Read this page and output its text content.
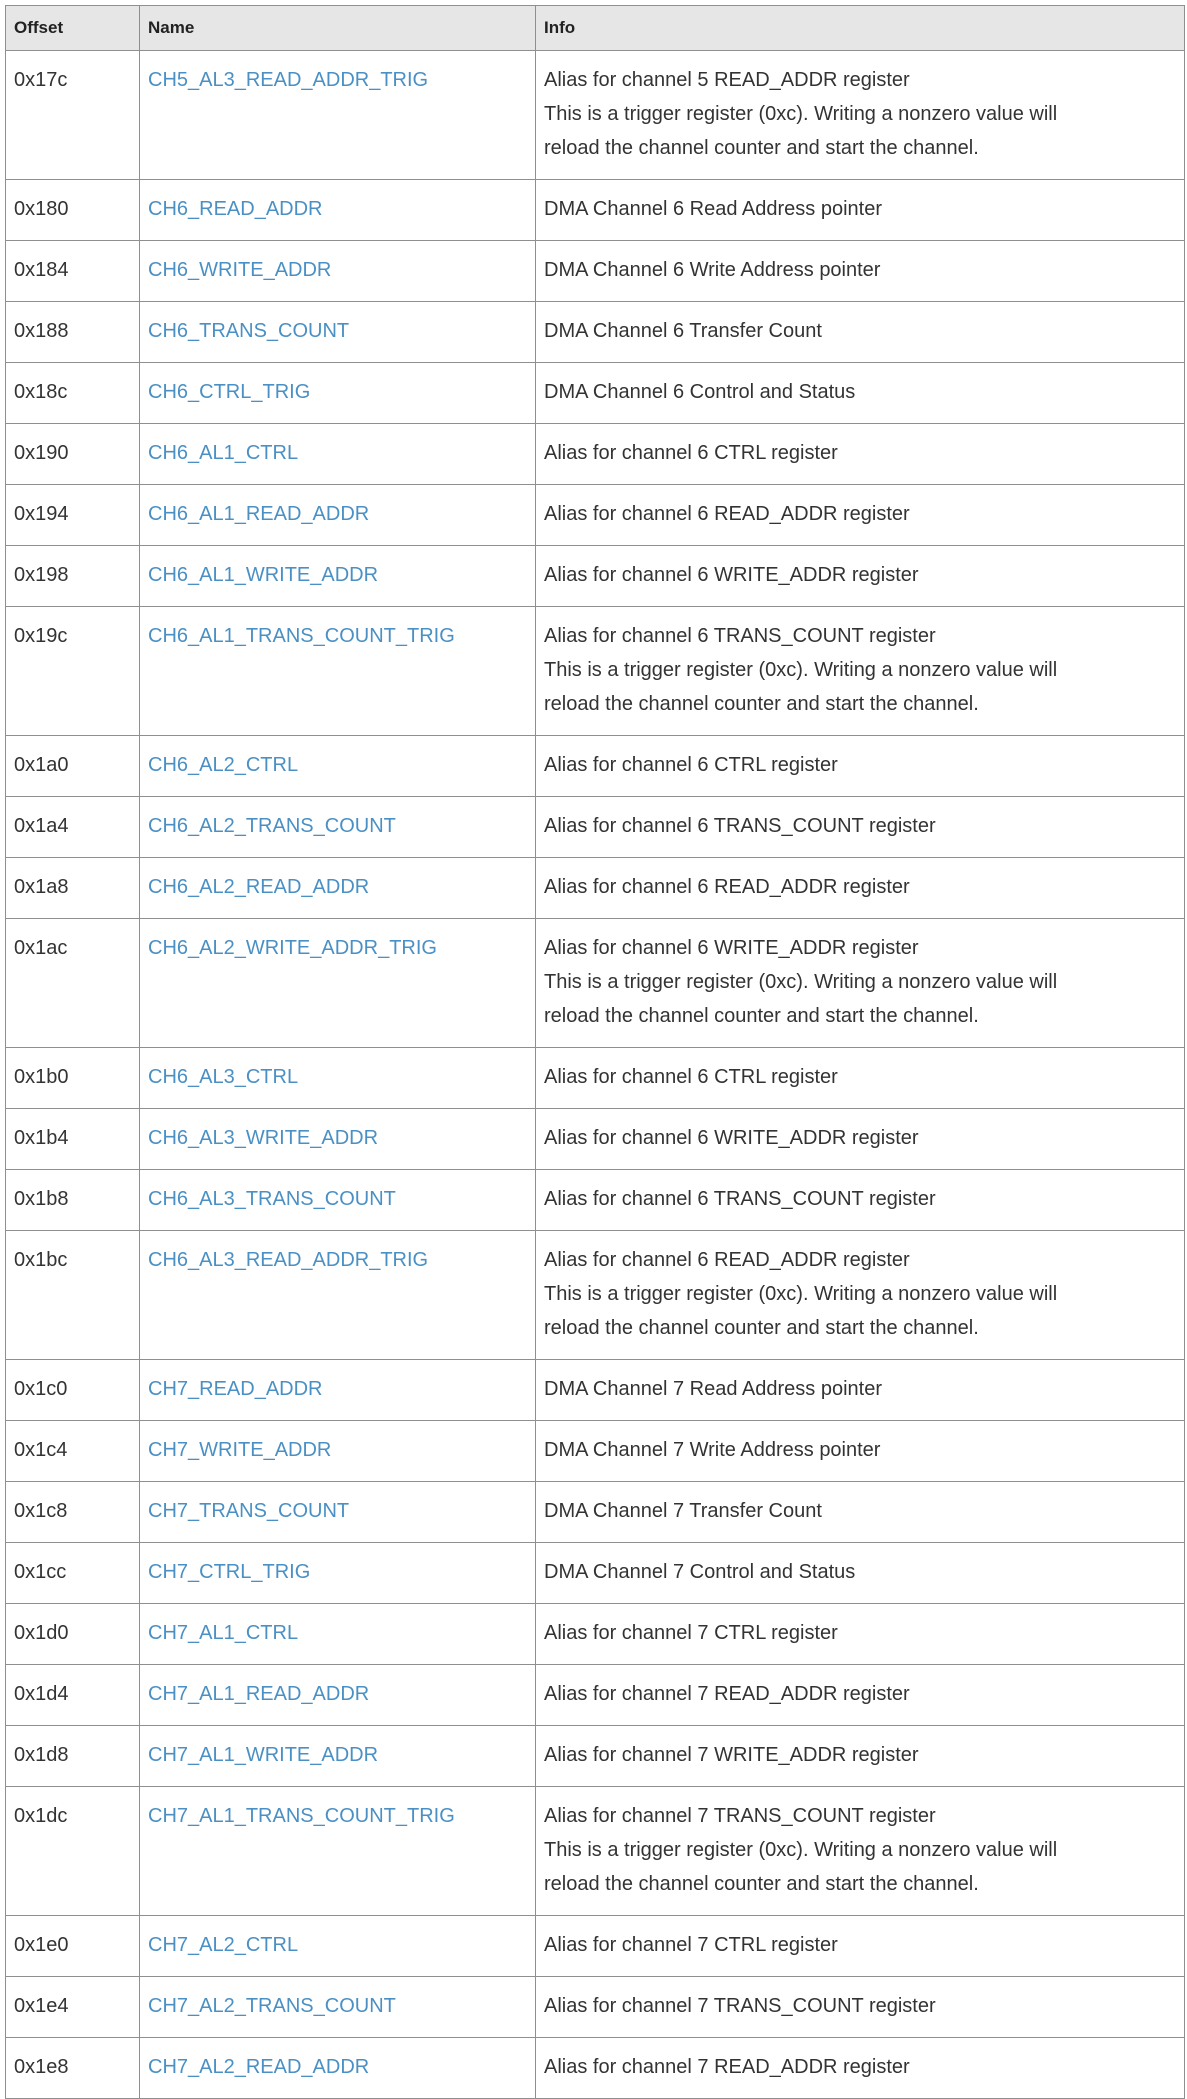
Offset	Name	Info
0x17c	CH5_AL3_READ_ADDR_TRIG	Alias for channel 5 READ_ADDR register
This is a trigger register (0xc). Writing a nonzero value will
reload the channel counter and start the channel.

0x180	CH6_READ_ADDR	DMA Channel 6 Read Address pointer

0x184	CH6_WRITE_ADDR	DMA Channel 6 Write Address pointer

0x188	CH6_TRANS_COUNT	DMA Channel 6 Transfer Count

0x18c	CH6_CTRL_TRIG	DMA Channel 6 Control and Status

0x190	CH6_AL1_CTRL	Alias for channel 6 CTRL register

0x194	CH6_AL1_READ_ADDR	Alias for channel 6 READ_ADDR register

0x198	CH6_AL1_WRITE_ADDR	Alias for channel 6 WRITE_ADDR register

0x19c	CH6_AL1_TRANS_COUNT_TRIG	Alias for channel 6 TRANS_COUNT register
This is a trigger register (0xc). Writing a nonzero value will
reload the channel counter and start the channel.

0x1a0	CH6_AL2_CTRL	Alias for channel 6 CTRL register

0x1a4	CH6_AL2_TRANS_COUNT	Alias for channel 6 TRANS_COUNT register

0x1a8	CH6_AL2_READ_ADDR	Alias for channel 6 READ_ADDR register

0x1ac	CH6_AL2_WRITE_ADDR_TRIG	Alias for channel 6 WRITE_ADDR register
This is a trigger register (0xc). Writing a nonzero value will
reload the channel counter and start the channel.

0x1b0	CH6_AL3_CTRL	Alias for channel 6 CTRL register

0x1b4	CH6_AL3_WRITE_ADDR	Alias for channel 6 WRITE_ADDR register

0x1b8	CH6_AL3_TRANS_COUNT	Alias for channel 6 TRANS_COUNT register

0x1bc	CH6_AL3_READ_ADDR_TRIG	Alias for channel 6 READ_ADDR register
This is a trigger register (0xc). Writing a nonzero value will
reload the channel counter and start the channel.

0x1c0	CH7_READ_ADDR	DMA Channel 7 Read Address pointer

0x1c4	CH7_WRITE_ADDR	DMA Channel 7 Write Address pointer

0x1c8	CH7_TRANS_COUNT	DMA Channel 7 Transfer Count

0x1cc	CH7_CTRL_TRIG	DMA Channel 7 Control and Status

0x1d0	CH7_AL1_CTRL	Alias for channel 7 CTRL register

0x1d4	CH7_AL1_READ_ADDR	Alias for channel 7 READ_ADDR register

0x1d8	CH7_AL1_WRITE_ADDR	Alias for channel 7 WRITE_ADDR register

0x1dc	CH7_AL1_TRANS_COUNT_TRIG	Alias for channel 7 TRANS_COUNT register
This is a trigger register (0xc). Writing a nonzero value will
reload the channel counter and start the channel.

0x1e0	CH7_AL2_CTRL	Alias for channel 7 CTRL register

0x1e4	CH7_AL2_TRANS_COUNT	Alias for channel 7 TRANS_COUNT register

0x1e8	CH7_AL2_READ_ADDR	Alias for channel 7 READ_ADDR register
